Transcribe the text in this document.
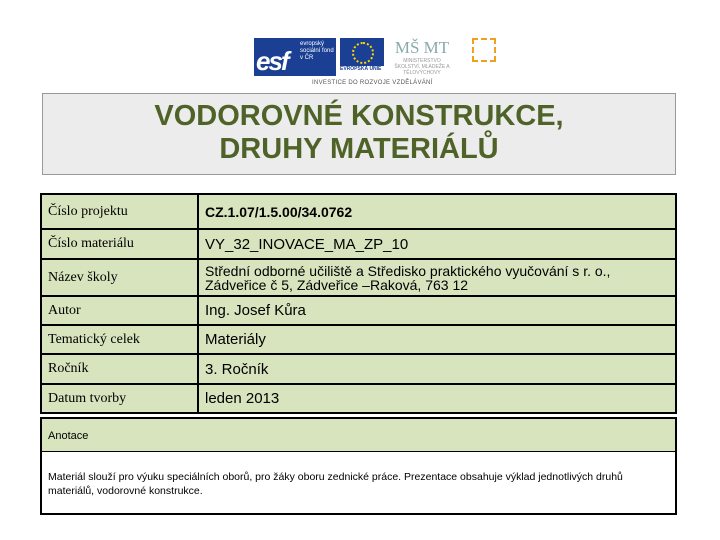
esf
evropský sociální fond v ČR
EVROPSKÁ UNIE
MŠ MT
MINISTERSTVO ŠKOLSTVÍ, MLÁDEŽE A TĚLOVÝCHOVY
INVESTICE DO ROZVOJE VZDĚLÁVÁNÍ
VODOROVNÉ KONSTRUKCE,
DRUHY MATERIÁLŮ
Číslo projektu	CZ.1.07/1.5.00/34.0762
Číslo materiálu	VY_32_INOVACE_MA_ZP_10
Název školy	Střední odborné učiliště a Středisko praktického vyučování s r. o.,
Zádveřice č 5, Zádveřice –Raková, 763 12

Autor	Ing. Josef Kůra
Tematický celek	Materiály
Ročník	3. Ročník
Datum tvorby	leden 2013
Anotace
Materiál slouží pro výuku speciálních oborů, pro žáky oboru zednické práce. Prezentace obsahuje výklad jednotlivých druhů materiálů, vodorovné konstrukce.
